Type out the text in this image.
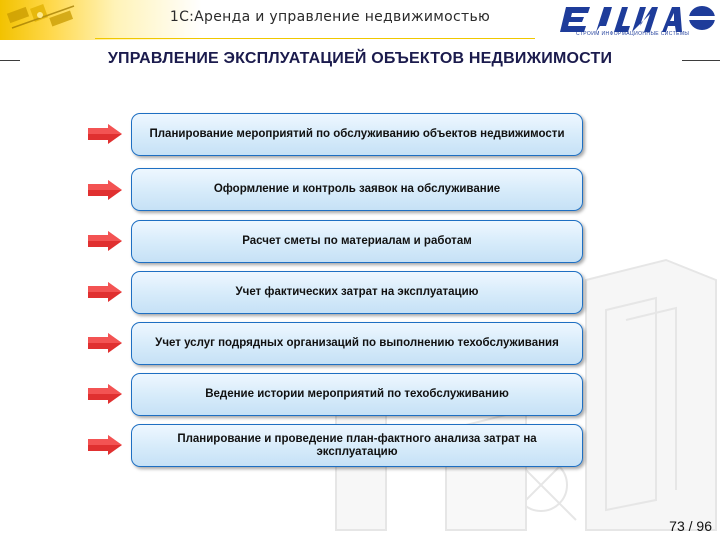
1С:Аренда и управление недвижимостью
СТРОИМ ИНФОРМАЦИОННЫЕ СИСТЕМЫ
УПРАВЛЕНИЕ ЭКСПЛУАТАЦИЕЙ ОБЪЕКТОВ НЕДВИЖИМОСТИ
Планирование мероприятий по обслуживанию объектов недвижимости
Оформление и контроль заявок на обслуживание
Расчет сметы по материалам и работам
Учет фактических затрат на эксплуатацию
Учет услуг подрядных организаций по выполнению техобслуживания
Ведение истории мероприятий по техобслуживанию
Планирование и проведение план-фактного анализа затрат на эксплуатацию
73 / 96
